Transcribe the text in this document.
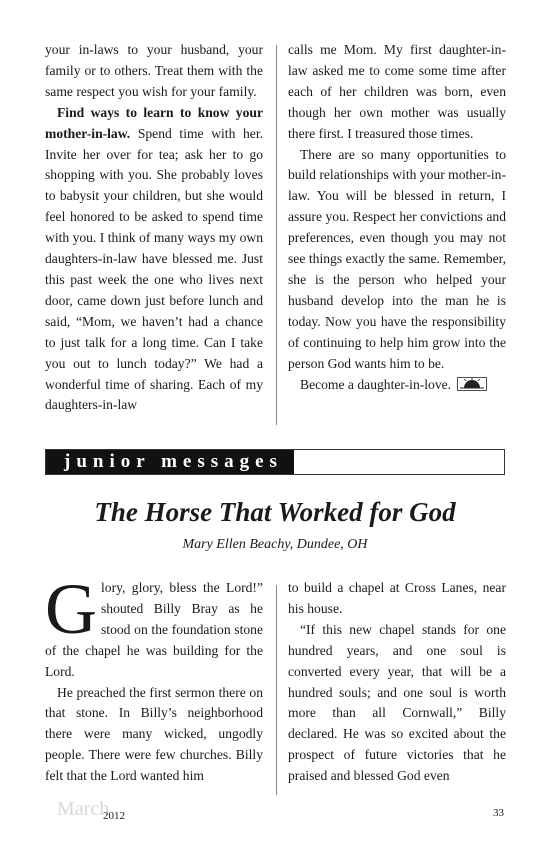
your in-laws to your husband, your family or to others. Treat them with the same respect you wish for your family.

Find ways to learn to know your mother-in-law. Spend time with her. Invite her over for tea; ask her to go shopping with you. She probably loves to babysit your children, but she would feel honored to be asked to spend time with you. I think of many ways my own daughters-in-law have blessed me. Just this past week the one who lives next door, came down just before lunch and said, “Mom, we haven’t had a chance to just talk for a long time. Can I take you out to lunch today?” We had a wonderful time of sharing. Each of my daughters-in-law

calls me Mom. My first daughter-in-law asked me to come some time after each of her children was born, even though her own mother was usually there first. I treasured those times.

There are so many opportunities to build relationships with your mother-in-law. You will be blessed in return, I assure you. Respect her convictions and preferences, even though you may not see things exactly the same. Remember, she is the person who helped your husband develop into the man he is today. Now you have the responsibility of continuing to help him grow into the person God wants him to be.

Become a daughter-in-love.

junior messages
The Horse That Worked for God
Mary Ellen Beachy, Dundee, OH

Glory, glory, bless the Lord!” shouted Billy Bray as he stood on the foundation stone of the chapel he was building for the Lord.

He preached the first sermon there on that stone. In Billy’s neighborhood there were many wicked, ungodly people. There were few churches. Billy felt that the Lord wanted him

to build a chapel at Cross Lanes, near his house.

“If this new chapel stands for one hundred years, and one soul is converted every year, that will be a hundred souls; and one soul is worth more than all Cornwall,” Billy declared. He was so excited about the prospect of future victories that he praised and blessed God even

March
2012	33
